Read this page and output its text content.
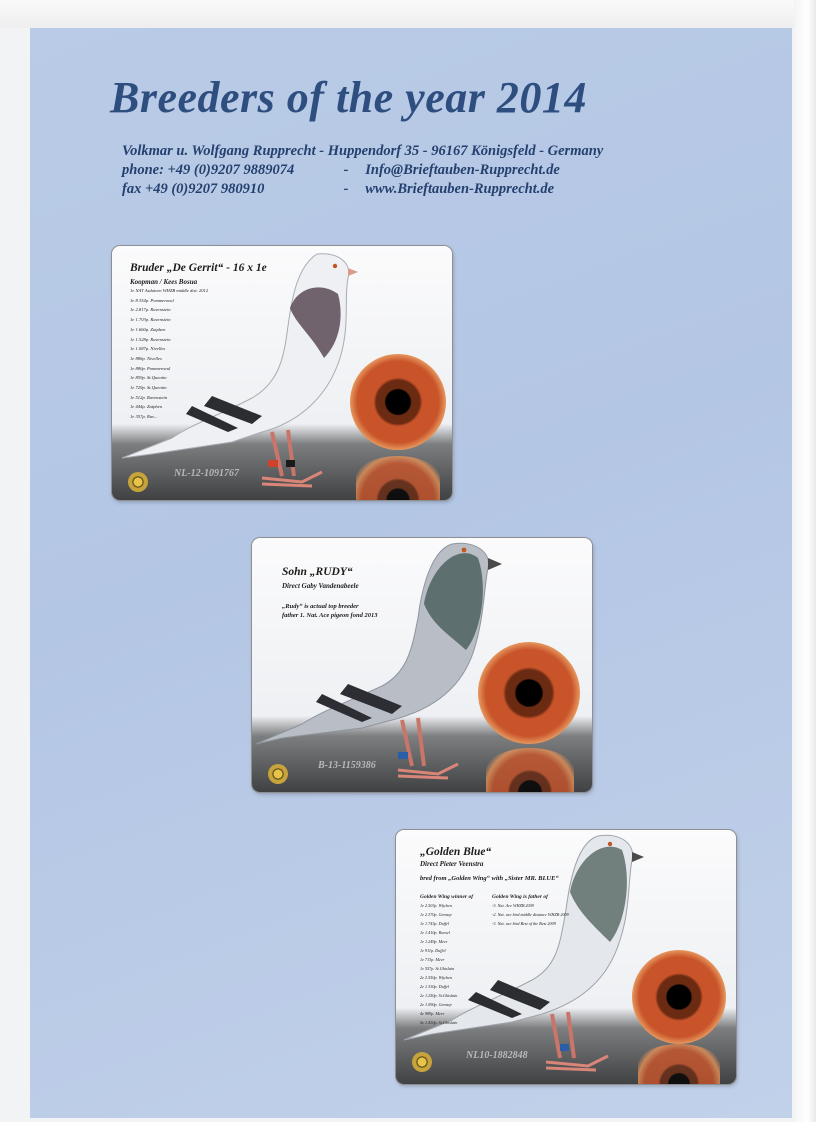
Breeders of the year 2014
Volkmar u. Wolfgang Rupprecht - Huppendorf 35 - 96167 Königsfeld - Germany
phone: +49 (0)9207 9889074	- Info@Brieftauben-Rupprecht.de
fax +49 (0)9207 980910	- www.Brieftauben-Rupprecht.de
Bruder „De Gerrit“ - 16 x 1e
Koopman / Kees Bosua
1e NAT Asduiven WHZB middle dist. 2012
1e 8.354p. Pommeroeul
1e 2.817p. Ravenstein
1e 1.703p. Ravenstein
1e 1.660p. Zutphen
1e 1.528p. Ravenstein
1e 1.087p. Nivelles
1e 886p. Nivelles
1e 880p. Pommeroeul
1e 859p. St.Quentin
1e 729p. St.Quentin
1e 512p. Ravenstein
1e 444p. Zutphen
1e 357p. Rav...
NL-12-1091767
Sohn „RUDY“
Direct Gaby Vandenabeele
„Rudy“ is actual top breeder
father 1. Nat. Ace pigeon fond 2013
B-13-1159386
„Golden Blue“
Direct Pieter Veenstra
bred from „Golden Wing“ with „Sister MR. BLUE“
Golden Wing winner of	Golden Wing is father of
1e 2.503p. Wijchen
1e 2.370p. Gennep
1e 1.743p. Duffel
1e 1.410p. Roosel
1e 1.249p. Meer
1e 911p. Duffel
1e 713p. Meer
1e 557p. St.Ghislain
2e 2.550p. Wijchen
2e 1.330p. Duffel
2e 1.250p. St.Ghislain
2e 1.090p. Gennep
4e 989p. Meer
5e 1.430p. St.Ghislain
-3. Nat. Ace WHZB 2009
-2. Nat. ace bird middle distance WHZB 2009
-3. Nat. ace bird Best of the Best 2009
NL10-1882848
